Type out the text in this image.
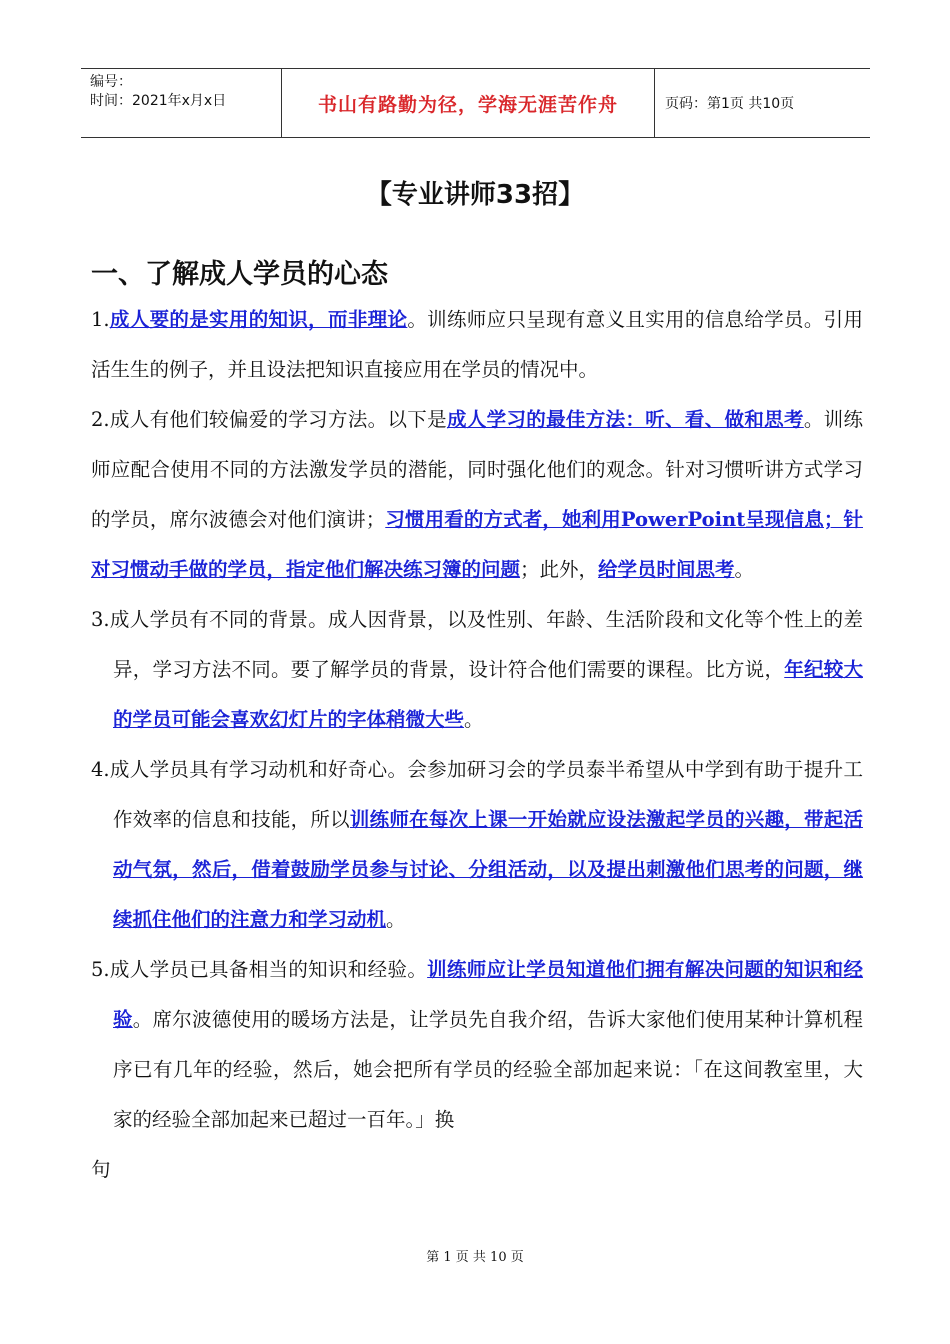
编号：
时间：2021年x月x日	书山有路勤为径，学海无涯苦作舟	页码：第1页 共10页
【专业讲师33招】
一、了解成人学员的心态

1.成人要的是实用的知识，而非理论。训练师应只呈现有意义且实用的信息给学员。引用活生生的例子，并且设法把知识直接应用在学员的情况中。

2.成人有他们较偏爱的学习方法。以下是成人学习的最佳方法：听、看、做和思考。训练师应配合使用不同的方法激发学员的潜能，同时强化他们的观念。针对习惯听讲方式学习的学员，席尔波德会对他们演讲；习惯用看的方式者，她利用PowerPoint呈现信息；针对习惯动手做的学员，指定他们解决练习簿的问题；此外，给学员时间思考。

3.成人学员有不同的背景。成人因背景，以及性别、年龄、生活阶段和文化等个性上的差异，学习方法不同。要了解学员的背景，设计符合他们需要的课程。比方说，年纪较大的学员可能会喜欢幻灯片的字体稍微大些。

4.成人学员具有学习动机和好奇心。会参加研习会的学员泰半希望从中学到有助于提升工作效率的信息和技能，所以训练师在每次上课一开始就应设法激起学员的兴趣，带起活动气氛，然后，借着鼓励学员参与讨论、分组活动，以及提出刺激他们思考的问题，继续抓住他们的注意力和学习动机。

5.成人学员已具备相当的知识和经验。训练师应让学员知道他们拥有解决问题的知识和经验。席尔波德使用的暖场方法是，让学员先自我介绍，告诉大家他们使用某种计算机程序已有几年的经验，然后，她会把所有学员的经验全部加起来说：「在这间教室里，大家的经验全部加起来已超过一百年。」换

句

第 1 页 共 10 页
